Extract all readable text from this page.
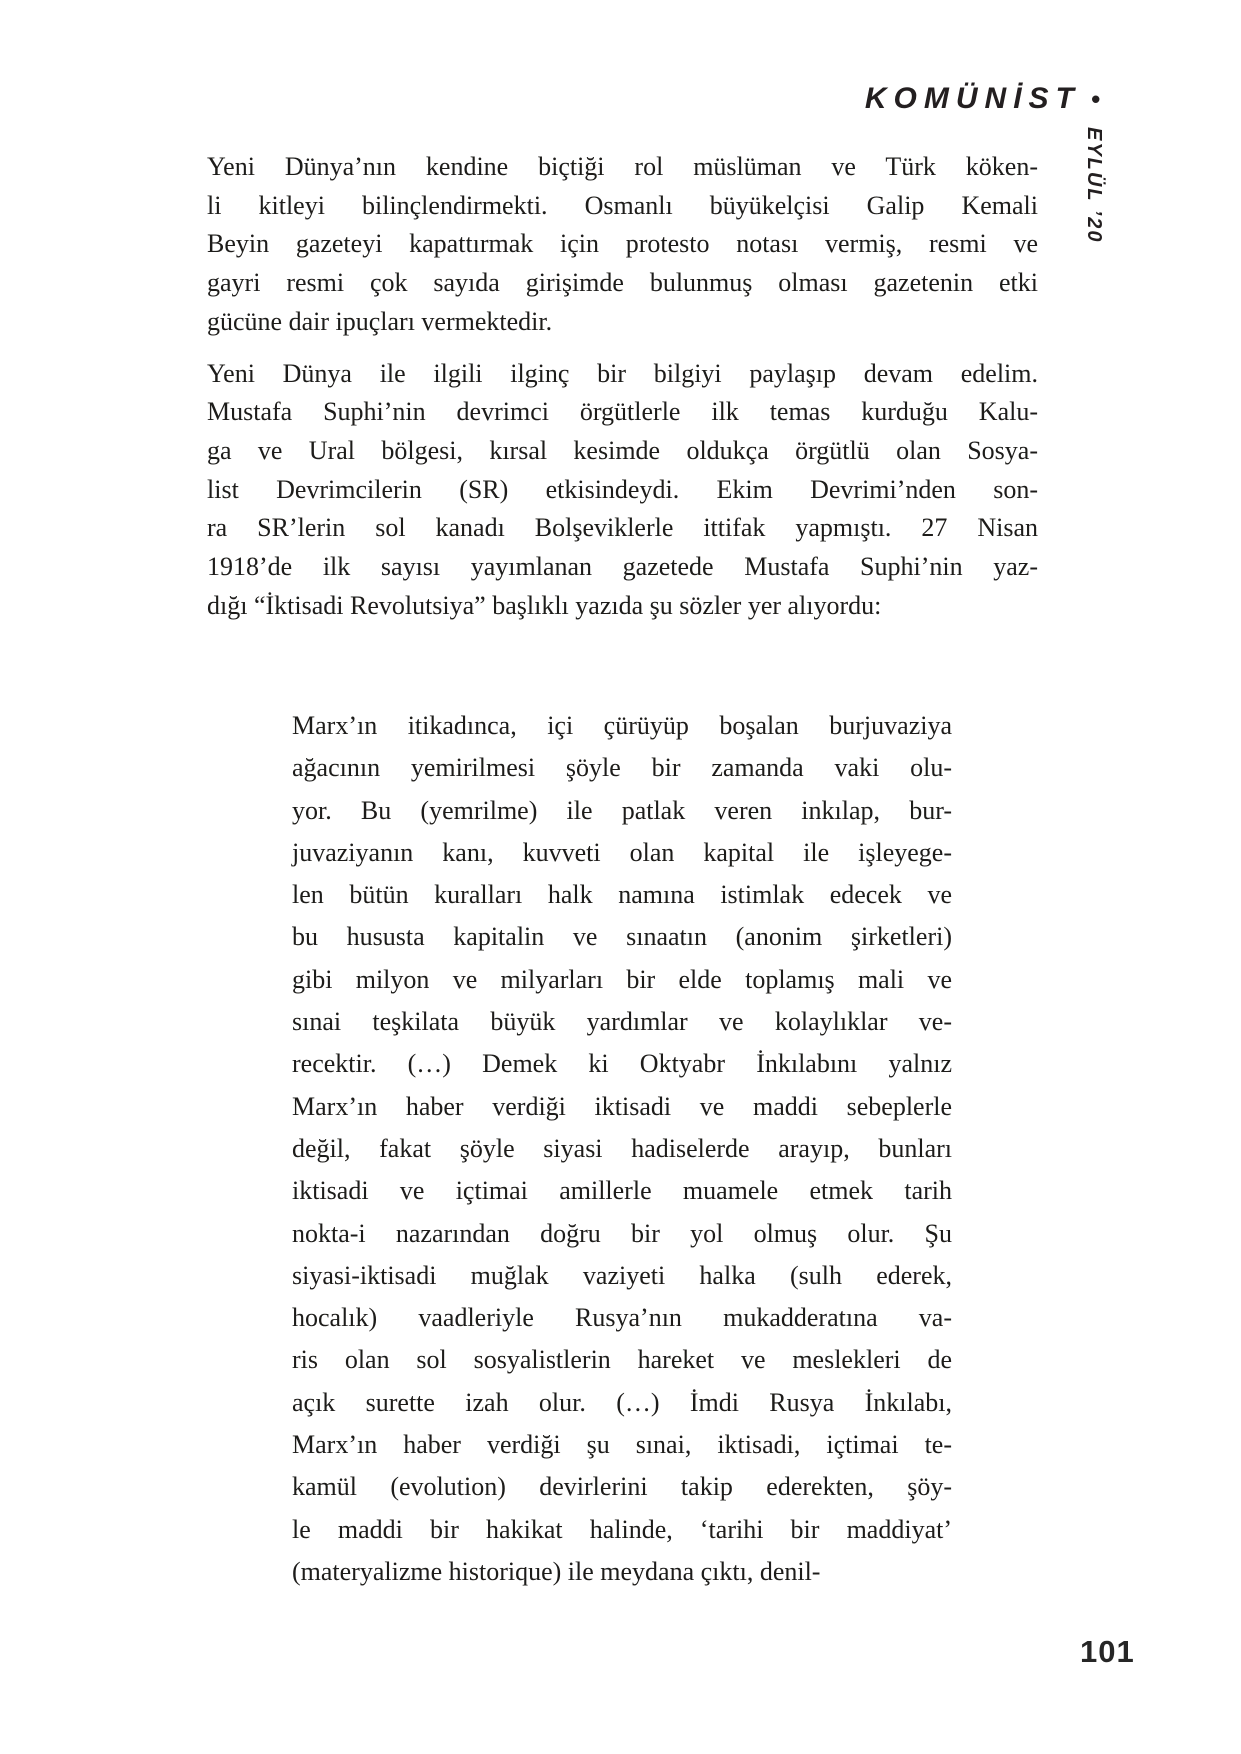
KOMÜNİST •
EYLÜL ’20
Yeni Dünya’nın kendine biçtiği rol müslüman ve Türk köken-
li kitleyi bilinçlendirmekti. Osmanlı büyükelçisi Galip Kemali
Beyin gazeteyi kapattırmak için protesto notası vermiş, resmi ve
gayri resmi çok sayıda girişimde bulunmuş olması gazetenin etki
gücüne dair ipuçları vermektedir.
Yeni Dünya ile ilgili ilginç bir bilgiyi paylaşıp devam edelim.
Mustafa Suphi’nin devrimci örgütlerle ilk temas kurduğu Kalu-
ga ve Ural bölgesi, kırsal kesimde oldukça örgütlü olan Sosya-
list Devrimcilerin (SR) etkisindeydi. Ekim Devrimi’nden son-
ra SR’lerin sol kanadı Bolşeviklerle ittifak yapmıştı. 27 Nisan
1918’de ilk sayısı yayımlanan gazetede Mustafa Suphi’nin yaz-
dığı “İktisadi Revolutsiya” başlıklı yazıda şu sözler yer alıyordu:
Marx’ın itikadınca, içi çürüyüp boşalan burjuvaziya
ağacının yemirilmesi şöyle bir zamanda vaki olu-
yor. Bu (yemrilme) ile patlak veren inkılap, bur-
juvaziyanın kanı, kuvveti olan kapital ile işleyege-
len bütün kuralları halk namına istimlak edecek ve
bu hususta kapitalin ve sınaatın (anonim şirketleri)
gibi milyon ve milyarları bir elde toplamış mali ve
sınai teşkilata büyük yardımlar ve kolaylıklar ve-
recektir. (…) Demek ki Oktyabr İnkılabını yalnız
Marx’ın haber verdiği iktisadi ve maddi sebeplerle
değil, fakat şöyle siyasi hadiselerde arayıp, bunları
iktisadi ve içtimai amillerle muamele etmek tarih
nokta-i nazarından doğru bir yol olmuş olur. Şu
siyasi-iktisadi muğlak vaziyeti halka (sulh ederek,
hocalık) vaadleriyle Rusya’nın mukadderatına va-
ris olan sol sosyalistlerin hareket ve meslekleri de
açık surette izah olur. (…) İmdi Rusya İnkılabı,
Marx’ın haber verdiği şu sınai, iktisadi, içtimai te-
kamül (evolution) devirlerini takip ederekten, şöy-
le maddi bir hakikat halinde, ‘tarihi bir maddiyat’
(materyalizme historique) ile meydana çıktı, denil-
101
